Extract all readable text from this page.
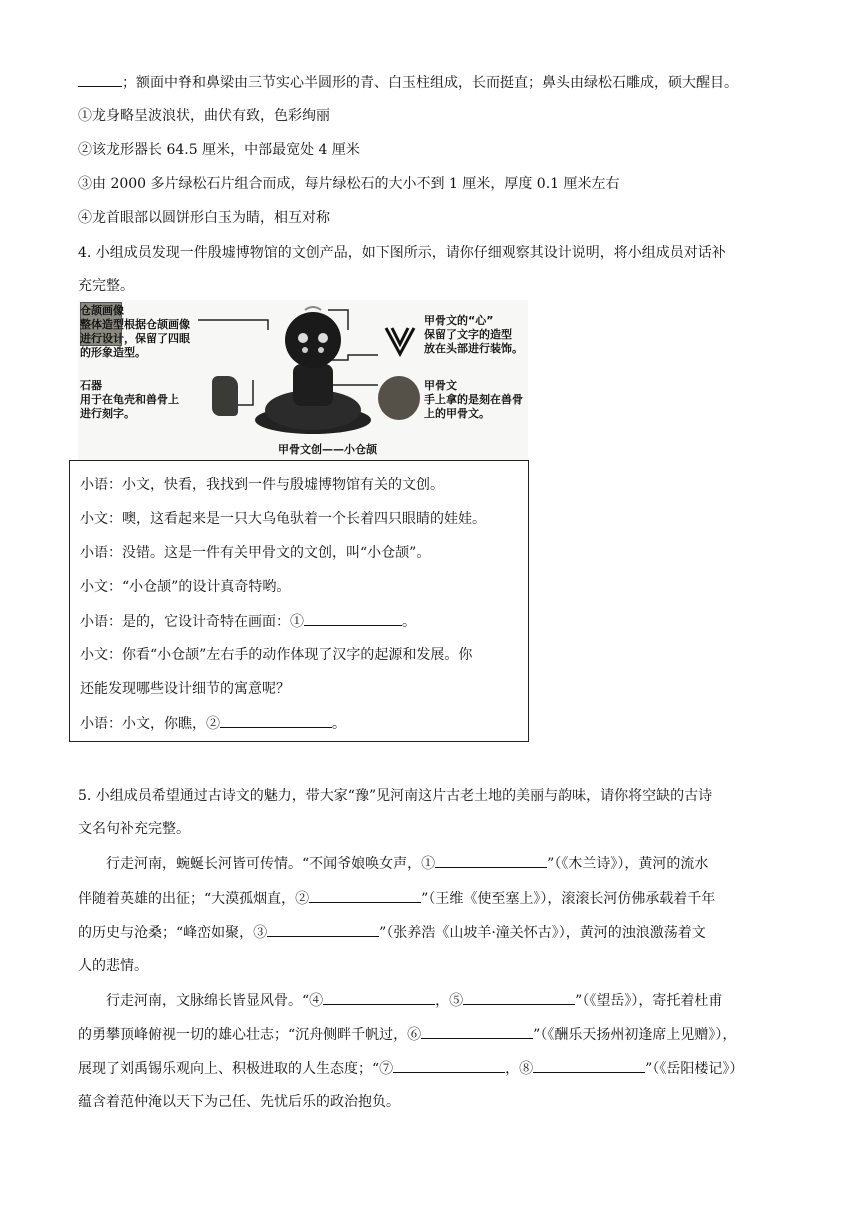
；额面中脊和鼻梁由三节实心半圆形的青、白玉柱组成，长而挺直；鼻头由绿松石雕成，硕大醒目。
①龙身略呈波浪状，曲伏有致，色彩绚丽
②该龙形器长 64.5 厘米，中部最宽处 4 厘米
③由 2000 多片绿松石片组合而成，每片绿松石的大小不到 1 厘米，厚度 0.1 厘米左右
④龙首眼部以圆饼形白玉为睛，相互对称
4. 小组成员发现一件殷墟博物馆的文创产品，如下图所示，请你仔细观察其设计说明，将小组成员对话补
充完整。
仓颉画像
整体造型根据仓颉画像
进行设计，保留了四眼
的形象造型。
甲骨文的“心”
保留了文字的造型
放在头部进行装饰。
石器
用于在龟壳和兽骨上
进行刻字。
甲骨文
手上拿的是刻在兽骨
上的甲骨文。
甲骨文创——小仓颉
小语：小文，快看，我找到一件与殷墟博物馆有关的文创。
小文：噢，这看起来是一只大乌龟驮着一个长着四只眼睛的娃娃。
小语：没错。这是一件有关甲骨文的文创，叫“小仓颉”。
小文：“小仓颉”的设计真奇特哟。
小语：是的，它设计奇特在画面：①	。
小文：你看“小仓颉”左右手的动作体现了汉字的起源和发展。你
还能发现哪些设计细节的寓意呢？
小语：小文，你瞧，②	。
5. 小组成员希望通过古诗文的魅力，带大家“豫”见河南这片古老土地的美丽与韵味，请你将空缺的古诗
文名句补充完整。
行走河南，蜿蜒长河皆可传情。“不闻爷娘唤女声，①	”（《木兰诗》），黄河的流水
伴随着英雄的出征；“大漠孤烟直，②	”（王维《使至塞上》），滚滚长河仿佛承载着千年
的历史与沧桑；“峰峦如聚，③	”（张养浩《山坡羊·潼关怀古》），黄河的浊浪激荡着文
人的悲情。
行走河南，文脉绵长皆显风骨。“④	，⑤	”（《望岳》），寄托着杜甫
的勇攀顶峰俯视一切的雄心壮志；“沉舟侧畔千帆过，⑥	”（《酬乐天扬州初逢席上见赠》），
展现了刘禹锡乐观向上、积极进取的人生态度；“⑦	，⑧	”（《岳阳楼记》）
蕴含着范仲淹以天下为己任、先忧后乐的政治抱负。
